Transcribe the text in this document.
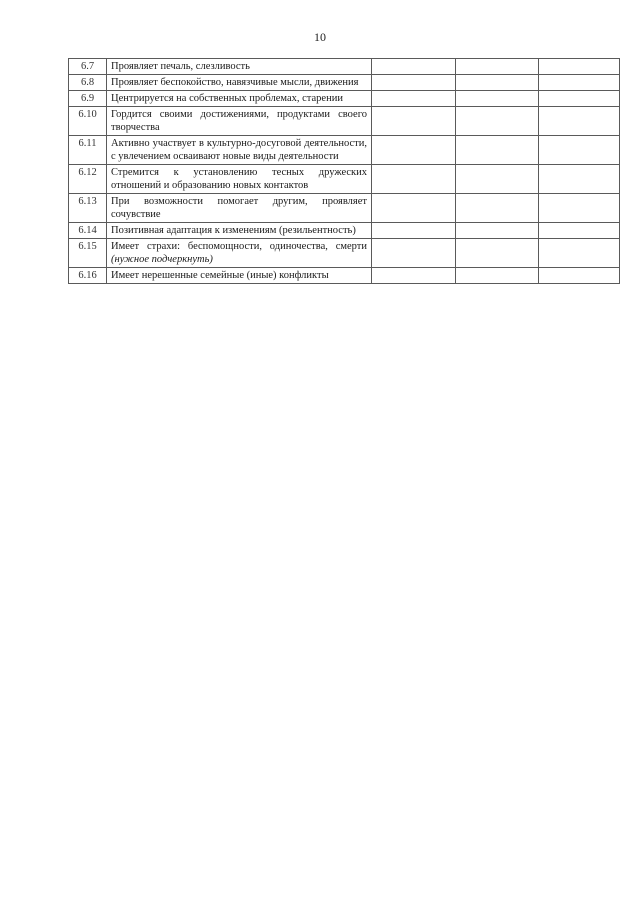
10
6.7	Проявляет печаль, слезливость			

6.8	Проявляет беспокойство, навязчивые мысли, движения			

6.9	Центрируется на собственных проблемах, старении			

6.10	Гордится своими достижениями, продуктами своего творчества			

6.11	Активно участвует в культурно-досуговой деятельности, с увлечением осваивают новые виды деятельности			

6.12	Стремится к установлению тесных дружеских отношений и образованию новых контактов			

6.13	При возможности помогает другим, проявляет сочувствие			

6.14	Позитивная адаптация к изменениям (резильентность)			

6.15	Имеет страхи: беспомощности, одиночества, смерти (нужное подчеркнуть)			

6.16	Имеет нерешенные семейные (иные) конфликты			
